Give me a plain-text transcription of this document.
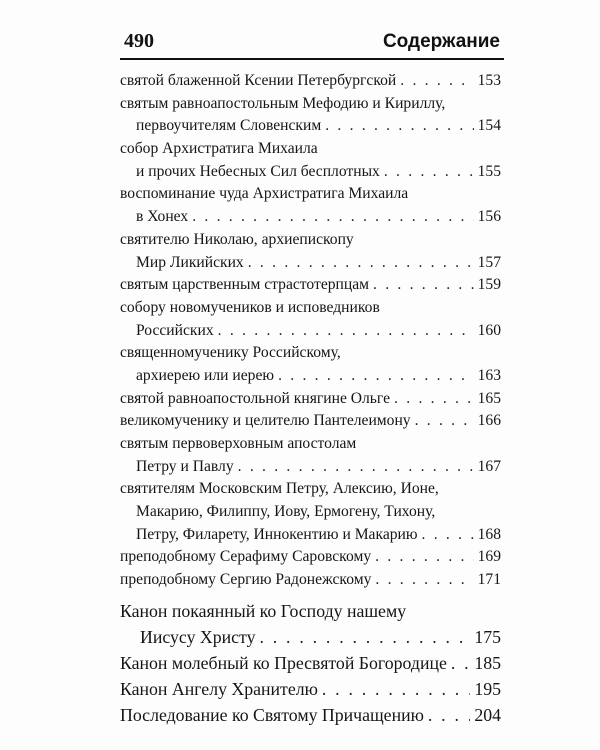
490	Содержание
святой блаженной Ксении Петербургской . . .	153
святым равноапостольным Мефодию и Кириллу,
первоучителям Словенским . . .	154
собор Архистратига Михаила
и прочих Небесных Сил бесплотных . . .	155
воспоминание чуда Архистратига Михаила
в Хонех . . .	156
святителю Николаю, архиепископу
Мир Ликийских . . .	157
святым царственным страстотерпцам . . .	159
собору новомучеников и исповедников
Российских . . .	160
священномученику Российскому,
архиерею или иерею . . .	163
святой равноапостольной княгине Ольге . . .	165
великомученику и целителю Пантелеимону . . .	166
святым первоверховным апостолам
Петру и Павлу . . .	167
святителям Московским Петру, Алексию, Ионе,
Макарию, Филиппу, Иову, Ермогену, Тихону,
Петру, Филарету, Иннокентию и Макарию . . .	168
преподобному Серафиму Саровскому . . .	169
преподобному Сергию Радонежскому . . .	171
Канон покаянный ко Господу нашему
Иисусу Христу . . .	175
Канон молебный ко Пресвятой Богородице . . . 185
Канон Ангелу Хранителю . . .	195
Последование ко Святому Причащению . . .	204
